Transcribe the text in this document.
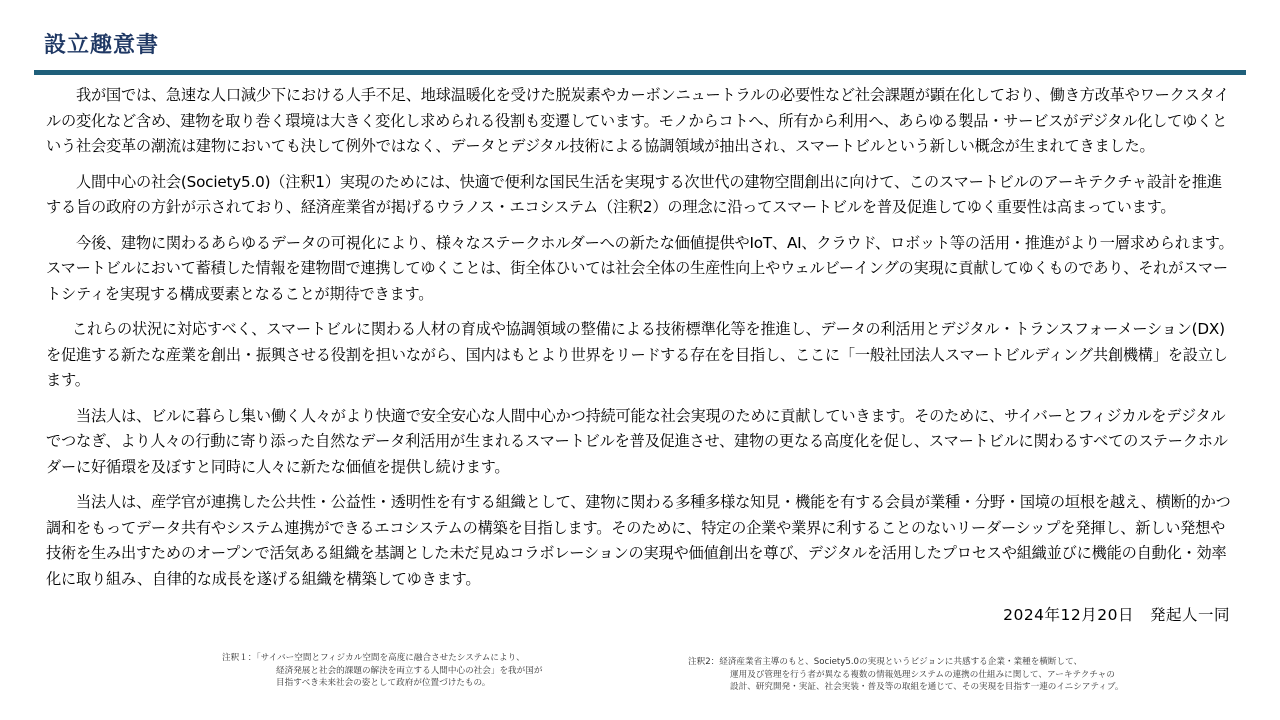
設立趣意書

我が国では、急速な人口減少下における人手不足、地球温暖化を受けた脱炭素やカーボンニュートラルの必要性など社会課題が顕在化しており、働き方改革やワークスタイルの変化など含め、建物を取り巻く環境は大きく変化し求められる役割も変遷しています。モノからコトへ、所有から利用へ、あらゆる製品・サービスがデジタル化してゆくという社会変革の潮流は建物においても決して例外ではなく、データとデジタル技術による協調領域が抽出され、スマートビルという新しい概念が生まれてきました。

人間中心の社会(Society5.0)（注釈1）実現のためには、快適で便利な国民生活を実現する次世代の建物空間創出に向けて、このスマートビルのアーキテクチャ設計を推進する旨の政府の方針が示されており、経済産業省が掲げるウラノス・エコシステム（注釈2）の理念に沿ってスマートビルを普及促進してゆく重要性は高まっています。

今後、建物に関わるあらゆるデータの可視化により、様々なステークホルダーへの新たな価値提供やIoT、AI、クラウド、ロボット等の活用・推進がより一層求められます。スマートビルにおいて蓄積した情報を建物間で連携してゆくことは、街全体ひいては社会全体の生産性向上やウェルビーイングの実現に貢献してゆくものであり、それがスマートシティを実現する構成要素となることが期待できます。

これらの状況に対応すべく、スマートビルに関わる人材の育成や協調領域の整備による技術標準化等を推進し、データの利活用とデジタル・トランスフォーメーション(DX)を促進する新たな産業を創出・振興させる役割を担いながら、国内はもとより世界をリードする存在を目指し、ここに「一般社団法人スマートビルディング共創機構」を設立します。

当法人は、ビルに暮らし集い働く人々がより快適で安全安心な人間中心かつ持続可能な社会実現のために貢献していきます。そのために、サイバーとフィジカルをデジタルでつなぎ、より人々の行動に寄り添った自然なデータ利活用が生まれるスマートビルを普及促進させ、建物の更なる高度化を促し、スマートビルに関わるすべてのステークホルダーに好循環を及ぼすと同時に人々に新たな価値を提供し続けます。

当法人は、産学官が連携した公共性・公益性・透明性を有する組織として、建物に関わる多種多様な知見・機能を有する会員が業種・分野・国境の垣根を越え、横断的かつ調和をもってデータ共有やシステム連携ができるエコシステムの構築を目指します。そのために、特定の企業や業界に利することのないリーダーシップを発揮し、新しい発想や技術を生み出すためのオープンで活気ある組織を基調とした未だ見ぬコラボレーションの実現や価値創出を尊び、デジタルを活用したプロセスや組織並びに機能の自動化・効率化に取り組み、自律的な成長を遂げる組織を構築してゆきます。

2024年12月20日　発起人一同
注釈１：「サイバー空間とフィジカル空間を高度に融合させたシステムにより、
経済発展と社会的課題の解決を両立する人間中心の社会」を我が国が
目指すべき未来社会の姿として政府が位置づけたもの。
注釈2：経済産業省主導のもと、Society5.0の実現というビジョンに共感する企業・業種を横断して、
運用及び管理を行う者が異なる複数の情報処理システムの連携の仕組みに関して、アーキテクチャの
設計、研究開発・実証、社会実装・普及等の取組を通じて、その実現を目指す一連のイニシアティブ。
